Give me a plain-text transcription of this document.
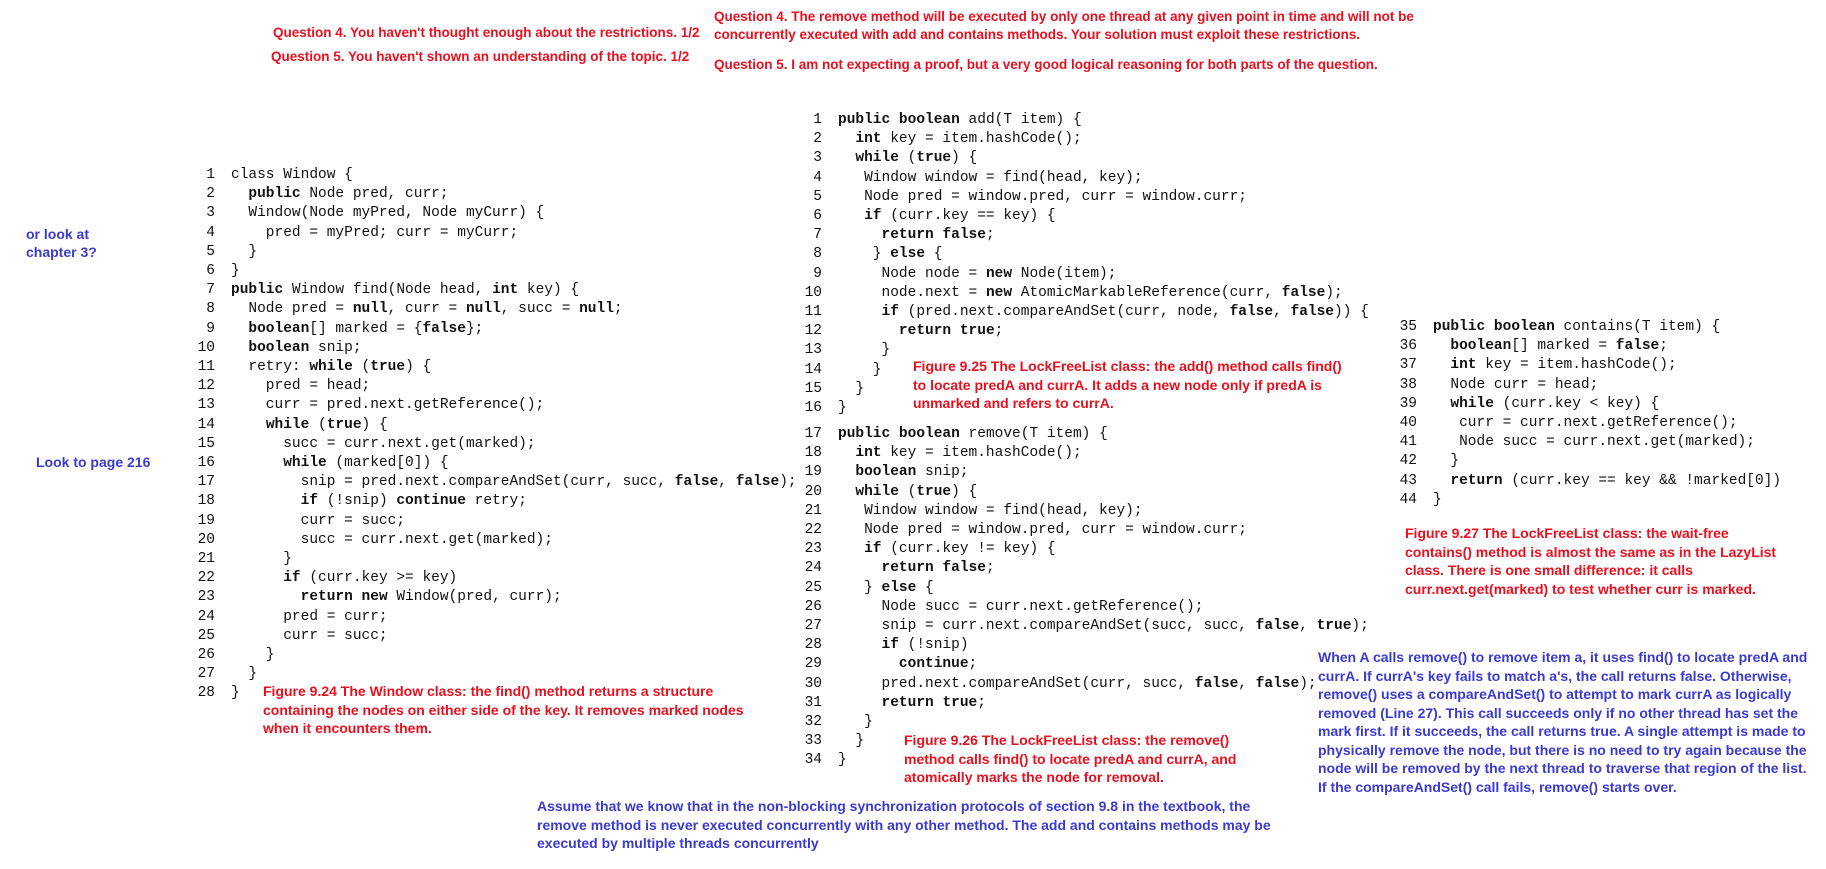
Question 4. You haven't thought enough about the restrictions. 1/2
Question 5. You haven't shown an understanding of the topic. 1/2
Question 4. The remove method will be executed by only one thread at any given point in time and will not be concurrently executed with add and contains methods. Your solution must exploit these restrictions.
Question 5. I am not expecting a proof, but a very good logical reasoning for both parts of the question.
or look at chapter 3?
Look to page 216
1 class Window {
2	public Node pred, curr;
3 Window(Node myPred, Node myCurr) {
4 pred = myPred; curr = myCurr;
5 }
6 }
7 public Window find(Node head, int key) {
8 Node pred = null, curr = null, succ = null;
9	boolean[] marked = {false};
10	boolean snip;
11 retry: while (true) {
12 pred = head;
13 curr = pred.next.getReference();
14	while (true) {
15 succ = curr.next.get(marked);
16	while (marked[0]) {
17 snip = pred.next.compareAndSet(curr, succ, false, false);
18	if (!snip) continue retry;
19 curr = succ;
20 succ = curr.next.get(marked);
21 }
22	if (curr.key >= key)
23	return new Window(pred, curr);
24 pred = curr;
25 curr = succ;
26 }
27 }
28 }
1 public boolean add(T item) {
2	int key = item.hashCode();
3	while (true) {
4 Window window = find(head, key);
5 Node pred = window.pred, curr = window.curr;
6	if (curr.key == key) {
7	return false;
8 } else {
9 Node node = new Node(item);
10 node.next = new AtomicMarkableReference(curr, false);
11	if (pred.next.compareAndSet(curr, node, false, false)) {
12	return true;
13 }
14 }
15 }
16 }
17 public boolean remove(T item) {
18	int key = item.hashCode();
19	boolean snip;
20	while (true) {
21 Window window = find(head, key);
22 Node pred = window.pred, curr = window.curr;
23	if (curr.key != key) {
24	return false;
25 } else {
26 Node succ = curr.next.getReference();
27 snip = curr.next.compareAndSet(succ, succ, false, true);
28	if (!snip)
29	continue;
30 pred.next.compareAndSet(curr, succ, false, false);
31	return true;
32 }
33 }
34 }
35 public boolean contains(T item) {
36	boolean[] marked = false;
37	int key = item.hashCode();
38 Node curr = head;
39	while (curr.key < key) {
40 curr = curr.next.getReference();
41 Node succ = curr.next.get(marked);
42 }
43	return (curr.key == key && !marked[0])
44 }
Figure 9.24 The Window class: the find() method returns a structure containing the nodes on either side of the key. It removes marked nodes when it encounters them.
Figure 9.25 The LockFreeList class: the add() method calls find() to locate predA and currA. It adds a new node only if predA is unmarked and refers to currA.
Figure 9.26 The LockFreeList class: the remove() method calls find() to locate predA and currA, and atomically marks the node for removal.
Figure 9.27 The LockFreeList class: the wait-free contains() method is almost the same as in the LazyList class. There is one small difference: it calls curr.next.get(marked) to test whether curr is marked.
When A calls remove() to remove item a, it uses find() to locate predA and currA. If currA's key fails to match a's, the call returns false. Otherwise, remove() uses a compareAndSet() to attempt to mark currA as logically removed (Line 27). This call succeeds only if no other thread has set the mark first. If it succeeds, the call returns true. A single attempt is made to physically remove the node, but there is no need to try again because the node will be removed by the next thread to traverse that region of the list. If the compareAndSet() call fails, remove() starts over.
Assume that we know that in the non-blocking synchronization protocols of section 9.8 in the textbook, the remove method is never executed concurrently with any other method. The add and contains methods may be executed by multiple threads concurrently
